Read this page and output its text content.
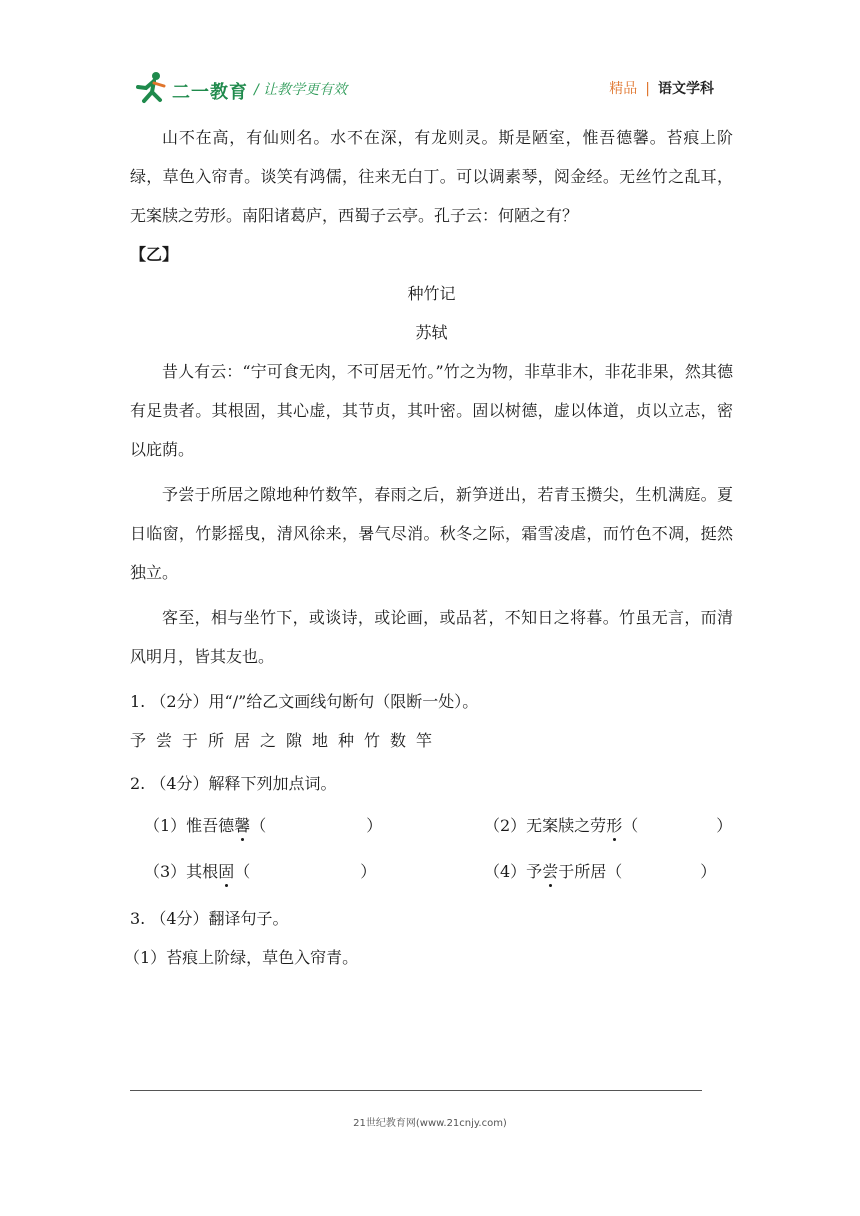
二一教育 / 让教学更有效	精品 | 语文学科

山不在高，有仙则名。水不在深，有龙则灵。斯是陋室，惟吾德馨。苔痕上阶绿，草色入帘青。谈笑有鸿儒，往来无白丁。可以调素琴，阅金经。无丝竹之乱耳，无案牍之劳形。南阳诸葛庐，西蜀子云亭。孔子云：何陋之有？

【乙】

种竹记

苏轼

昔人有云：“宁可食无肉，不可居无竹。”竹之为物，非草非木，非花非果，然其德有足贵者。其根固，其心虚，其节贞，其叶密。固以树德，虚以体道，贞以立志，密以庇荫。

予尝于所居之隙地种竹数竿，春雨之后，新笋迸出，若青玉攒尖，生机满庭。夏日临窗，竹影摇曳，清风徐来，暑气尽消。秋冬之际，霜雪凌虐，而竹色不凋，挺然独立。

客至，相与坐竹下，或谈诗，或论画，或品茗，不知日之将暮。竹虽无言，而清风明月，皆其友也。

1. （2分）用“/”给乙文画线句断句（限断一处）。

予尝于所居之隙地种竹数竿

2. （4分）解释下列加点词。

（1）惟吾德馨（	）	（2）无案牍之劳形（	）
（3）其根固（	）	（4）予尝于所居（	）

3. （4分）翻译句子。

（1）苔痕上阶绿，草色入帘青。

21世纪教育网(www.21cnjy.com)
